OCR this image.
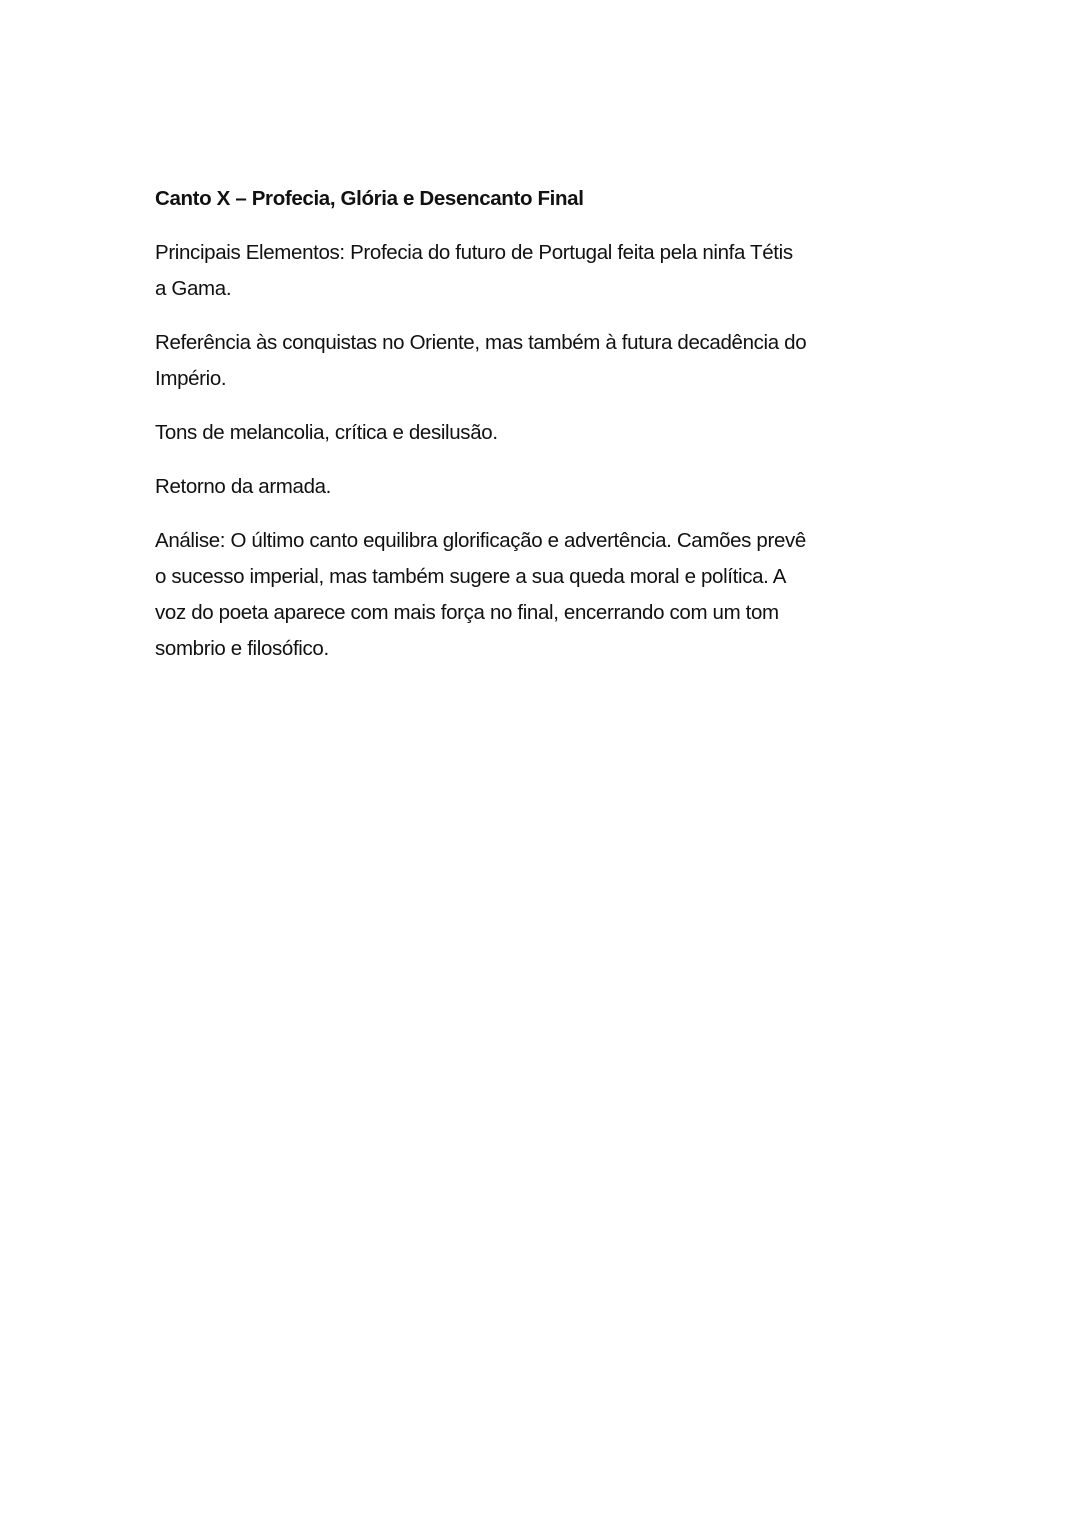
Canto X – Profecia, Glória e Desencanto Final

Principais Elementos: Profecia do futuro de Portugal feita pela ninfa Tétis
a Gama.

Referência às conquistas no Oriente, mas também à futura decadência do
Império.

Tons de melancolia, crítica e desilusão.

Retorno da armada.

Análise: O último canto equilibra glorificação e advertência. Camões prevê
o sucesso imperial, mas também sugere a sua queda moral e política. A
voz do poeta aparece com mais força no final, encerrando com um tom
sombrio e filosófico.
